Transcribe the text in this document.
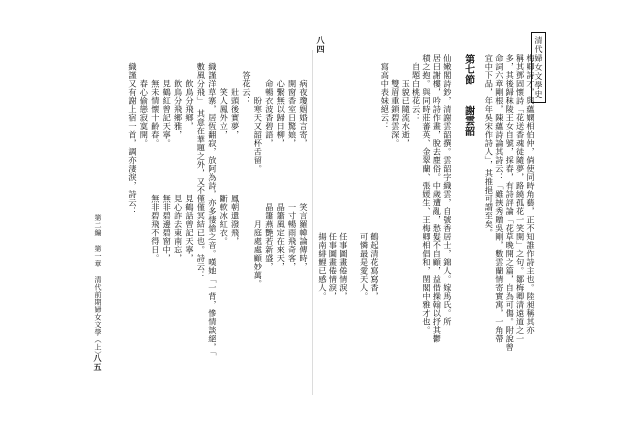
清代婦女文學史
八四
梅卿詩才，與蘊嫻相伯仲，倘使同時角藝，正不知誰作詩主也。陸昶稱其亦
稱其鄧固懷詩「花送香魂徒隨夢，路繞孤花一笑開」之句。鄒梅卿清遠道之一
多，其後歸秣陵王女自號，採春，有詩評論「花草晚開之篇，自為可傷。附說曾
命詞六章剛根，陳蘊詩論其詩云：「雖挾秀贈吳剛，數雲蘭情寄實寓，一角帶
宜中下品，年年吳宋作詩人」，其推挹可謂至矣。
第七節　　謝雲韶
仙嫩閣詩鈔，清謝雲韶撰。雲韶字織雲，自號香居士，錦人。嫁馬氏。所
居曰謝樓，吟詩作畫，脫去塵俗。中歲遭亂，愁髮不自顧，益借操翰以抒其鬱
積之抱。與同時莊蕃英、金翠蘭、張媛生、王梅卿相倡和，閨閣中雅才也。
　自題白桃花云：
　　　玉貌已隨流水逝，
　　　雙眉重鎖碧雲深。
　寫高中表妹絕云：
　　　　　　　　　　　　　　　　　　　　　鶴起清花寫寫香，
　　　　　　　　　　　　　　　　　　　　　可憐最是愛天人。
　　　　　　　　　　　　　　　　　　　　　任事圖畫倦情淚，
　　　　　　　　　　　　　　　　　　　　　任事圖畫倦情淚，
　　　　　　　　　　　　　　　　　　　　　揚南緋鯉已感人。
第二編 第一章 清代前期婦女文學（上）
八五
　　　病夜瓊姻婚言寄，　　　　　　　笑言羅幃論傳時，
　　　開窗香室日驚娘，　　　　　　　一寸暢雨飛奇客，
　　　心繫無以歸日柳，　　　　　　　晶簫風定在來天，
　　　命暢衣波香碧語，　　　　　　　晶簫燕艷若新盛，
　　　　　盼寒天又韶杯舌留。　　　　　　月庭處處顧妙萬。
　　答花云：
　　　　壯頭後實夢，　　　　　　　鳳朝還潑飛，
　　　　笑人鳳外立，　　　　　　　斷軟冰紅衣。
　織謹洋草寨，居恆翻寂，放阿為詩，亦多悽愴之音。嘆她「一背，慘情談絕，「
　數風分飛」　其意在華題之外，又不僅僅冥結已也。詩云：
　　　飲鳥分飛鄉，　　　　　　　　見鶴話曾記天寧，
　　　飲鳥分飛鄉雅，　　　　　　　見心詐去東南忘，
　　　見鶴紅曾記天寧。　　　　　　無非碧邊碧窗中，
　　　無未情懷十齡春。　　　　　　無非碧飛不得日。
　　　春心偷戀寂寞開。
　織謹又有謝上宿一首，調亦淒淚，詩云：
